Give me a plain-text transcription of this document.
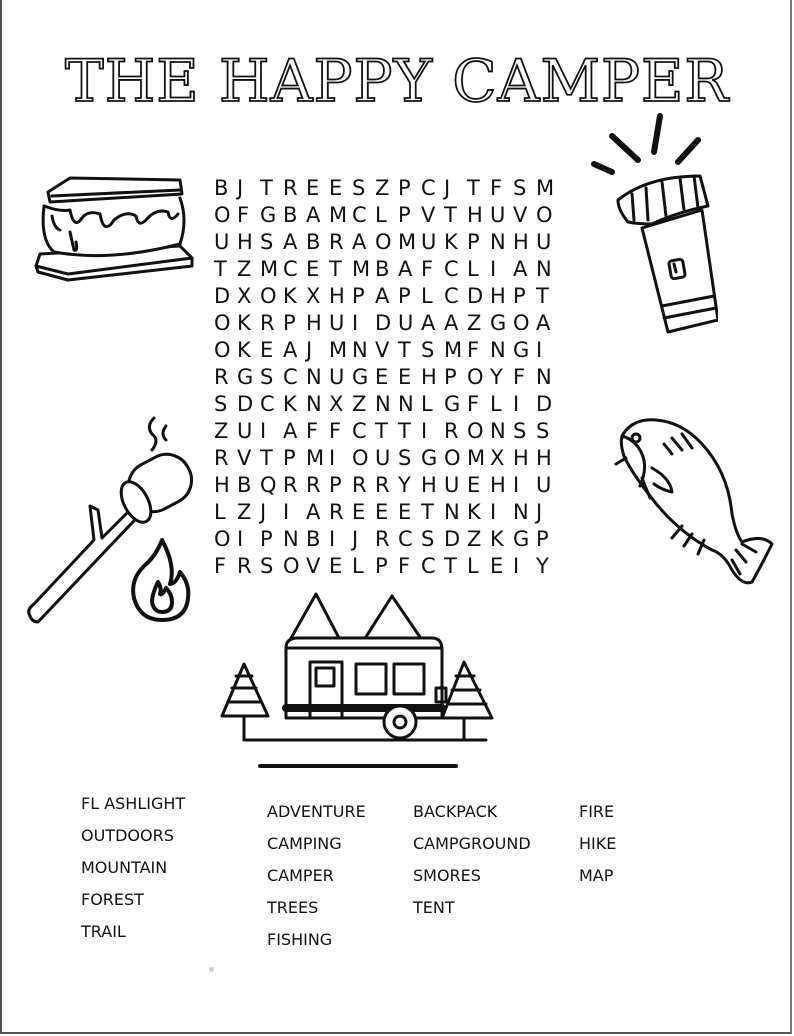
THE HAPPY CAMPER
B J T R E E S Z P C J T F S M
O F G B A M C L P V T H U V O
U H S A B R A O M U K P N H U
T Z M C E T M B A F C L I A N
D X O K X H P A P L C D H P T
O K R P H U I D U A A Z G O A
O K E A J M N V T S M F N G I
R G S C N U G E E H P O Y F N
S D C K N X Z N N L G F L I D
Z U I A F F C T T I R O N S S
R V T P M I O U S G O M X H H
H B Q R R P R R Y H U E H I U
L Z J I A R E E E T N K I N J
O I P N B I J R C S D Z K G P
F R S O V E L P F C T L E I Y
FL ASHLIGHT
OUTDOORS
MOUNTAIN
FOREST
TRAIL
ADVENTURE
CAMPING
CAMPER
TREES
FISHING
BACKPACK
CAMPGROUND
SMORES
TENT
FIRE
HIKE
MAP
